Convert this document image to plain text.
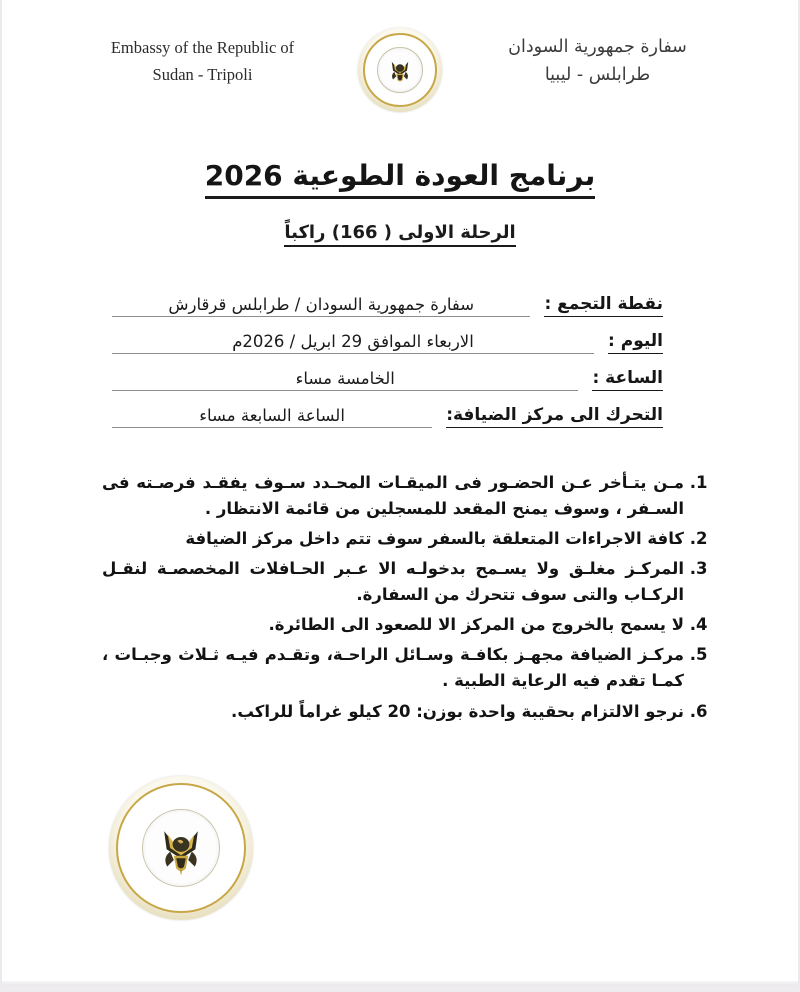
Embassy of the Republic of
Sudan - Tripoli
سفارة جمهورية السودان
طرابلس - ليبيا
برنامج العودة الطوعية 2026
الرحلة الاولى ( 166) راكباً
نقطة التجمع :
سفارة جمهورية السودان / طرابلس قرقارش
اليوم :
الاربعاء الموافق 29 ابريل / 2026م
الساعة :
الخامسة مساء
التحرك الى مركز الضيافة:
الساعة السابعة مساء
1. مـن يتـأخر عـن الحضـور فى الميقـات المحـدد سـوف يفقـد فرصـته فى السـفر ، وسوف يمنح المقعد للمسجلين من قائمة الانتظار .
2. كافة الاجراءات المتعلقة بالسفر سوف تتم داخل مركز الضيافة
3. المركـز مغلـق ولا يسـمح بدخولـه الا عـبر الحـافلات المخصصـة لنقـل الركـاب والتى سوف تتحرك من السفارة.
4. لا يسمح بالخروج من المركز الا للصعود الى الطائرة.
5. مركـز الضيافة مجهـز بكافـة وسـائل الراحـة، وتقـدم فيـه ثـلاث وجبـات ، كمـا تقدم فيه الرعاية الطبية .
6. نرجو الالتزام بحقيبة واحدة بوزن: 20 كيلو غراماً للراكب.
